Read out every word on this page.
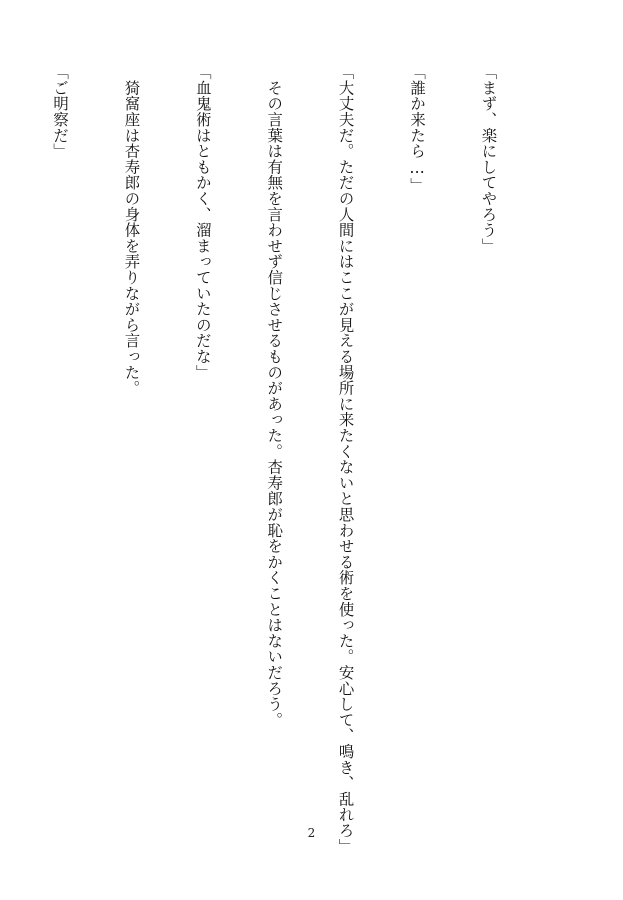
「まず、楽にしてやろう」

「誰か来たら…」

「大丈夫だ。ただの人間にはここが見える場所に来たくないと思わせる術を使った。安心して、鳴き、乱れろ」

　その言葉は有無を言わせず信じさせるものがあった。杏寿郎が恥をかくことはないだろう。

「血鬼術はともかく、溜まっていたのだな」

　猗窩座は杏寿郎の身体を弄りながら言った。

「ご明察だ」

2
